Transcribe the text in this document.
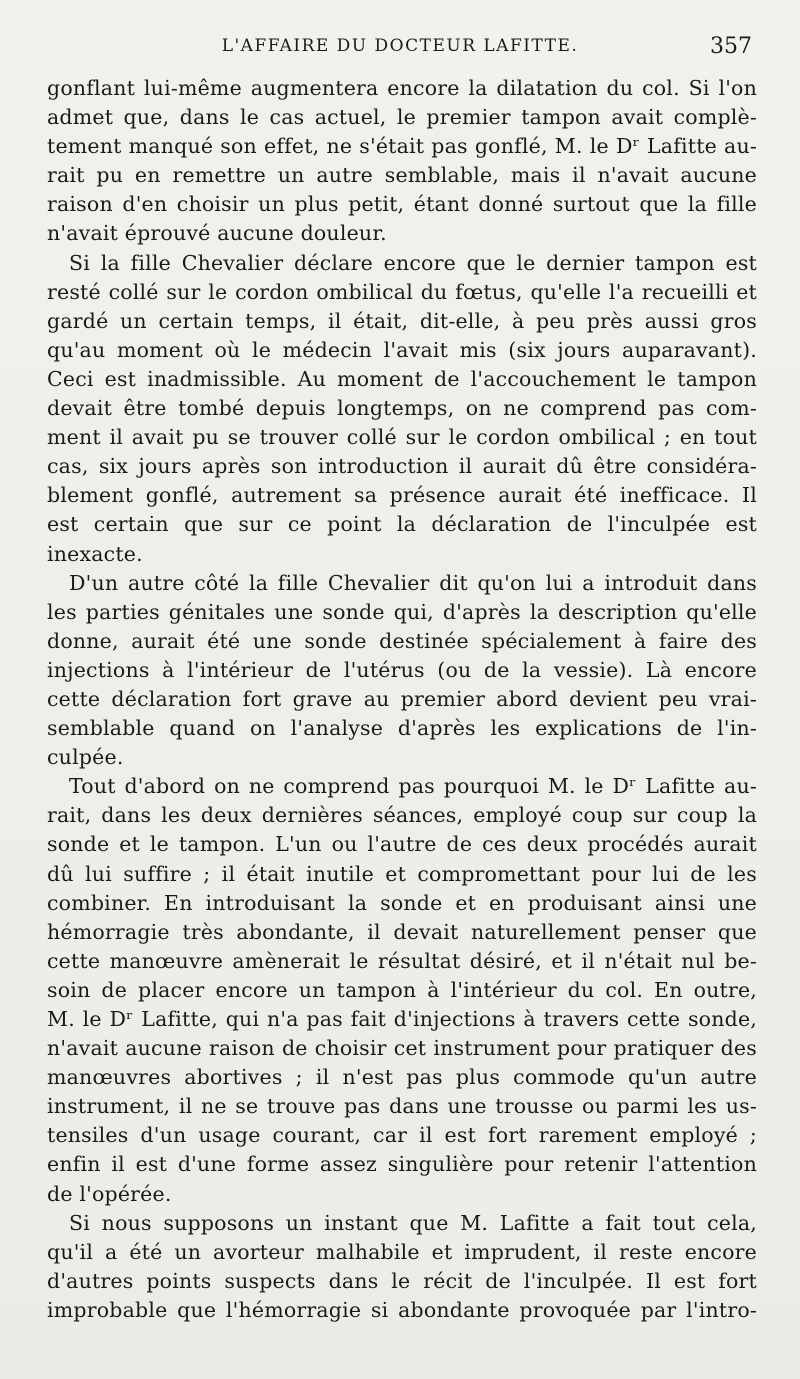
L'AFFAIRE DU DOCTEUR LAFITTE.	357

gonflant lui-même augmentera encore la dilatation du col. Si l'on

admet que, dans le cas actuel, le premier tampon avait complè-

tement manqué son effet, ne s'était pas gonflé, M. le Dʳ Lafitte au-

rait pu en remettre un autre semblable, mais il n'avait aucune

raison d'en choisir un plus petit, étant donné surtout que la fille

n'avait éprouvé aucune douleur.

Si la fille Chevalier déclare encore que le dernier tampon est

resté collé sur le cordon ombilical du fœtus, qu'elle l'a recueilli et

gardé un certain temps, il était, dit-elle, à peu près aussi gros

qu'au moment où le médecin l'avait mis (six jours auparavant).

Ceci est inadmissible. Au moment de l'accouchement le tampon

devait être tombé depuis longtemps, on ne comprend pas com-

ment il avait pu se trouver collé sur le cordon ombilical ; en tout

cas, six jours après son introduction il aurait dû être considéra-

blement gonflé, autrement sa présence aurait été inefficace. Il

est certain que sur ce point la déclaration de l'inculpée est

inexacte.

D'un autre côté la fille Chevalier dit qu'on lui a introduit dans

les parties génitales une sonde qui, d'après la description qu'elle

donne, aurait été une sonde destinée spécialement à faire des

injections à l'intérieur de l'utérus (ou de la vessie). Là encore

cette déclaration fort grave au premier abord devient peu vrai-

semblable quand on l'analyse d'après les explications de l'in-

culpée.

Tout d'abord on ne comprend pas pourquoi M. le Dʳ Lafitte au-

rait, dans les deux dernières séances, employé coup sur coup la

sonde et le tampon. L'un ou l'autre de ces deux procédés aurait

dû lui suffire ; il était inutile et compromettant pour lui de les

combiner. En introduisant la sonde et en produisant ainsi une

hémorragie très abondante, il devait naturellement penser que

cette manœuvre amènerait le résultat désiré, et il n'était nul be-

soin de placer encore un tampon à l'intérieur du col. En outre,

M. le Dʳ Lafitte, qui n'a pas fait d'injections à travers cette sonde,

n'avait aucune raison de choisir cet instrument pour pratiquer des

manœuvres abortives ; il n'est pas plus commode qu'un autre

instrument, il ne se trouve pas dans une trousse ou parmi les us-

tensiles d'un usage courant, car il est fort rarement employé ;

enfin il est d'une forme assez singulière pour retenir l'attention

de l'opérée.

Si nous supposons un instant que M. Lafitte a fait tout cela,

qu'il a été un avorteur malhabile et imprudent, il reste encore

d'autres points suspects dans le récit de l'inculpée. Il est fort

improbable que l'hémorragie si abondante provoquée par l'intro-
